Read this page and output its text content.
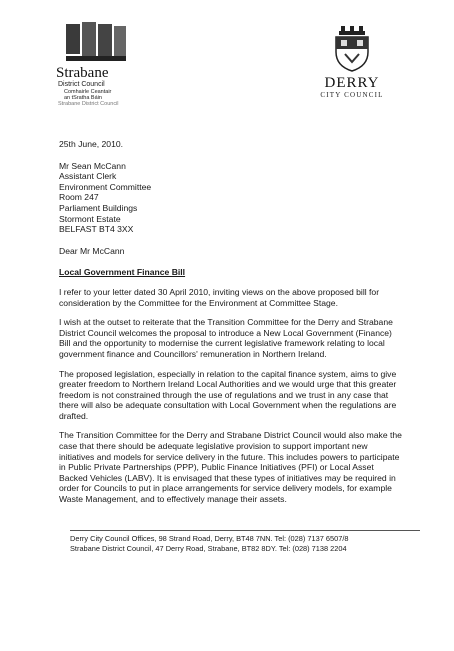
Strabane
District Council
Comhairle Ceantair
an tSratha Báin
Strabane District Council
DERRY
CITY COUNCIL
25th June, 2010.
Mr Sean McCann
Assistant Clerk
Environment Committee
Room 247
Parliament Buildings
Stormont Estate
BELFAST BT4 3XX
Dear Mr McCann
Local Government Finance Bill

I refer to your letter dated 30 April 2010, inviting views on the above proposed bill for consideration by the Committee for the Environment at Committee Stage.

I wish at the outset to reiterate that the Transition Committee for the Derry and Strabane District Council welcomes the proposal to introduce a New Local Government (Finance) Bill and the opportunity to modernise the current legislative framework relating to local government finance and Councillors' remuneration in Northern Ireland.

The proposed legislation, especially in relation to the capital finance system, aims to give greater freedom to Northern Ireland Local Authorities and we would urge that this greater freedom is not constrained through the use of regulations and we trust in any case that there will also be adequate consultation with Local Government when the regulations are drafted.

The Transition Committee for the Derry and Strabane District Council would also make the case that there should be adequate legislative provision to support important new initiatives and models for service delivery in the future. This includes powers to participate in Public Private Partnerships (PPP), Public Finance Initiatives (PFI) or Local Asset Backed Vehicles (LABV). It is envisaged that these types of initiatives may be required in order for Councils to put in place arrangements for service delivery models, for example Waste Management, and to effectively manage their assets.

Derry City Council Offices, 98 Strand Road, Derry, BT48 7NN. Tel: (028) 7137 6507/8
Strabane District Council, 47 Derry Road, Strabane, BT82 8DY. Tel: (028) 7138 2204
